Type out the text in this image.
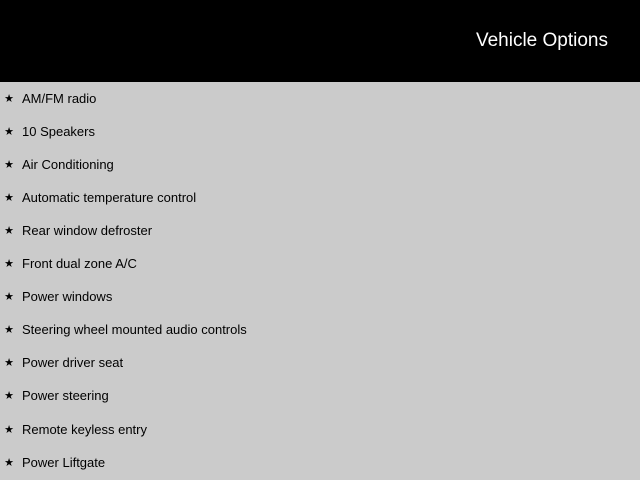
Vehicle Options
★ AM/FM radio
★ 10 Speakers
★ Air Conditioning
★ Automatic temperature control
★ Rear window defroster
★ Front dual zone A/C
★ Power windows
★ Steering wheel mounted audio controls
★ Power driver seat
★ Power steering
★ Remote keyless entry
★ Power Liftgate
